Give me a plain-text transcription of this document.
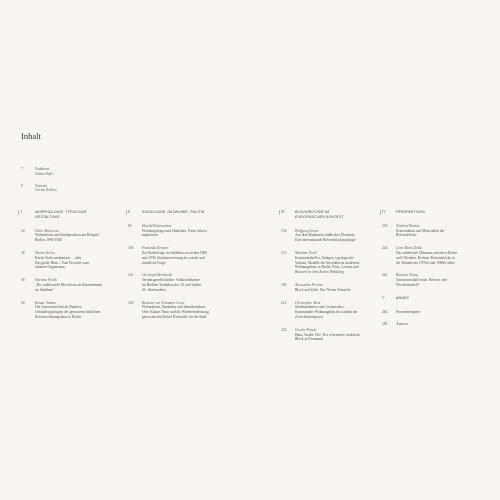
Inhalt
7	Grußwort
Tobias Nöfer
8	Vorwort
Gernot Zolliew
I	MORPHOLOGIE, TYPOLOGIE
GESTALTUNG
24	Silvio Malcovati
Wohnreform und Stadtgestaltan am Beispiel
Berlins 1890-1940
38	Martin Kreiss
Küche Stube undmeister ... oder
Das große Haus – Vom Etwaffer zum
urbanen Organismus
58	Hartmut Frank
„Die traditionelle Blockfront als Raumelement
im Stadtbau“
68	Renate Amann
Die Genossenschaft als Bauherr:
Gebäudetypologien des genossenschaftlichen
Reformwohnungsbaus in Berlin
II	SOZIOLOGIE, ÖKONOMIE, POLITIK
86	Harald Bodenschatz
Wohnungsfrage und Städtebau. Form follows
regulations
100 Franziska Kramer
Zur Bodenfrage im Städtebau zwischen 1880
und 1930, Studienerweitung als soziale und
räumliche Frage
116 Christoph Bernhardt
Terrainsgesellschaften: Schlüsselakteure
im Berliner Städtebau des 19. und frühen
20. Jahrhunderts
128 Barbara von Neumann-Cosel
Wohnreform, Baukultur und identifizierbare
Orte: Klause Natur und die Wiederentdeckung
genossenschaftlicher Potenziale für die Stadt
III	BLOCKREFORM IM
EUROPÄISCHEN KONTEXT
156 Wolfgang Sonne
Aus dem Baukasten städtischer Elemente.
Eine internationale Reformblocktypologie
172 Matthias Noell
Kontinentalzeller, Anlagen, typologische
Varianz, Modelle des Inwohnheits modernen
Wohnungsbaus in Berlin, Paris, London und
Brussel vor dem Ersten Weltkrieg
190 Alessandro Porotto
Block und Zeile. Die Wiener Versuche
214 Christopher Metz
Studienarbeiten statt Grenzrisikos.
Kommunaler Wohnungsbau im London der
Zwischenkriegszeit
232 Gesche Fenske
Haus, Straße, Hof. Der reformierte städtische
Block in Dortmund
IV	PERSPEKTIVEN
236 Winfried Brenne
Konstruktion und Materialität der
Reformblöcke
244 Lena Maria Zoldo
Das anhaltende Dilemma zwischen Dichte
und Offenheit. Berliner Reformblöcke in
der Debatte der 1970er und 1980er Jahre
262 Barbara König
Genossenschaft heute. Reform oder
Nischenmodell?
V	ANNEX
282 Personenregister
285 Autoren
